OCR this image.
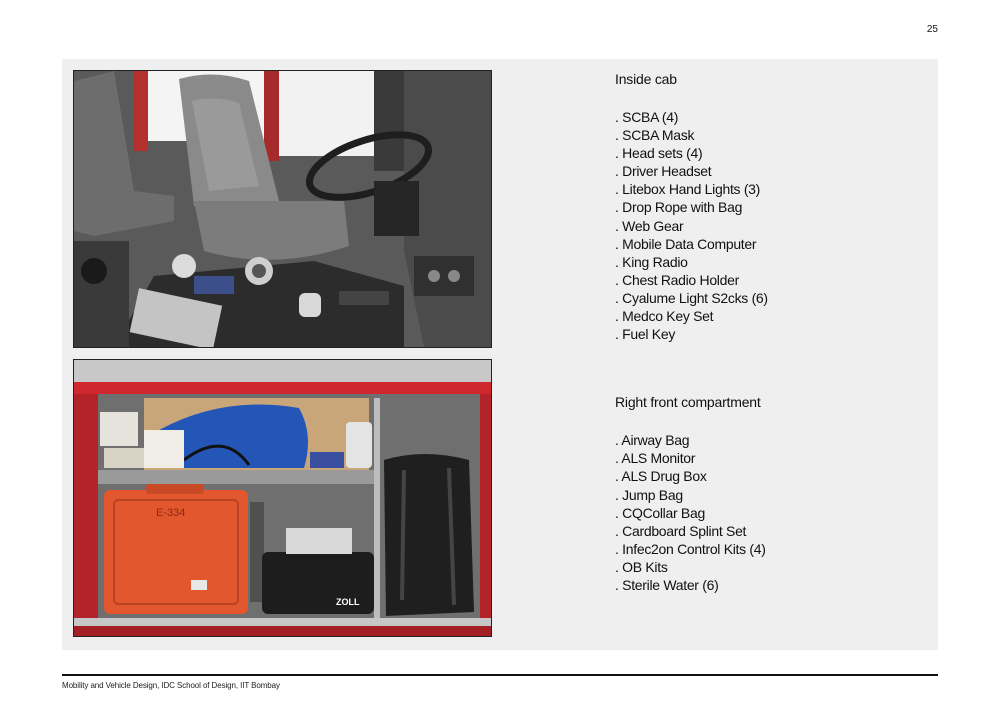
25
E-334
ZOLL
Inside cab
. SCBA (4)
. SCBA Mask
. Head sets (4)
. Driver Headset
. Litebox Hand Lights (3)
. Drop Rope with Bag
. Web Gear
. Mobile Data Computer
. King Radio
. Chest Radio Holder
. Cyalume Light S2cks (6)
. Medco Key Set
. Fuel Key
Right front compartment
. Airway Bag
. ALS Monitor
. ALS Drug Box
. Jump Bag
. CQCollar Bag
. Cardboard Splint Set
. Infec2on Control Kits (4)
. OB Kits
. Sterile Water (6)
Mobility and Vehicle Design, IDC School of Design, IIT Bombay
